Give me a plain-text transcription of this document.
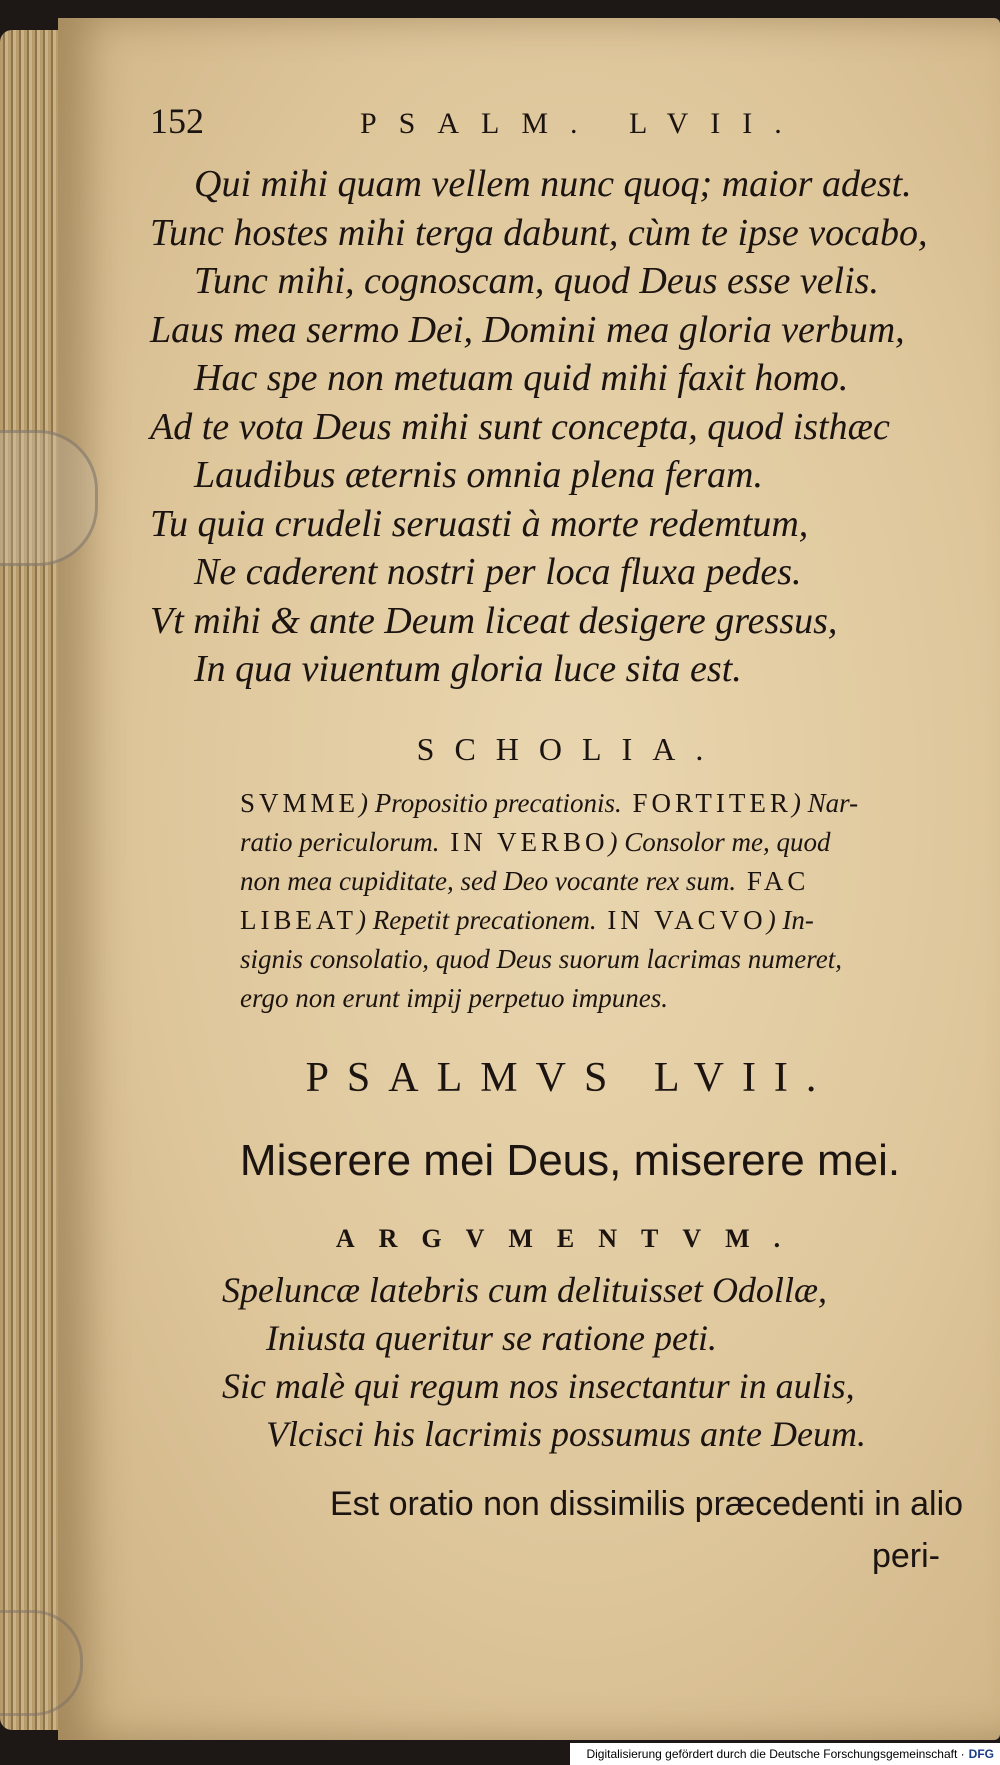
152	PSALM. LVII.
Qui mihi quam vellem nunc quoq; maior adest.
Tunc hostes mihi terga dabunt, cùm te ipse vocabo,
Tunc mihi, cognoscam, quod Deus esse velis.
Laus mea sermo Dei, Domini mea gloria verbum,
Hac spe non metuam quid mihi faxit homo.
Ad te vota Deus mihi sunt concepta, quod isthæc
Laudibus æternis omnia plena feram.
Tu quia crudeli seruasti à morte redemtum,
Ne caderent nostri per loca fluxa pedes.
Vt mihi & ante Deum liceat desigere gressus,
In qua viuentum gloria luce sita est.
SCHOLIA.
SVMME) Propositio precationis. FORTITER) Nar-
ratio periculorum. IN VERBO) Consolor me, quod
non mea cupiditate, sed Deo vocante rex sum. FAC
LIBEAT) Repetit precationem. IN VACVO) In-
signis consolatio, quod Deus suorum lacrimas numeret,
ergo non erunt impij perpetuo impunes.
PSALMVS LVII.
Miserere mei Deus, miserere mei.
ARGVMENTVM.
Speluncæ latebris cum delituisset Odollæ,
Iniusta queritur se ratione peti.
Sic malè qui regum nos insectantur in aulis,
Vlcisci his lacrimis possumus ante Deum.
Est oratio non dissimilis præcedenti in alio
peri-
Digitalisierung gefördert durch die Deutsche Forschungsgemeinschaft · DFG
